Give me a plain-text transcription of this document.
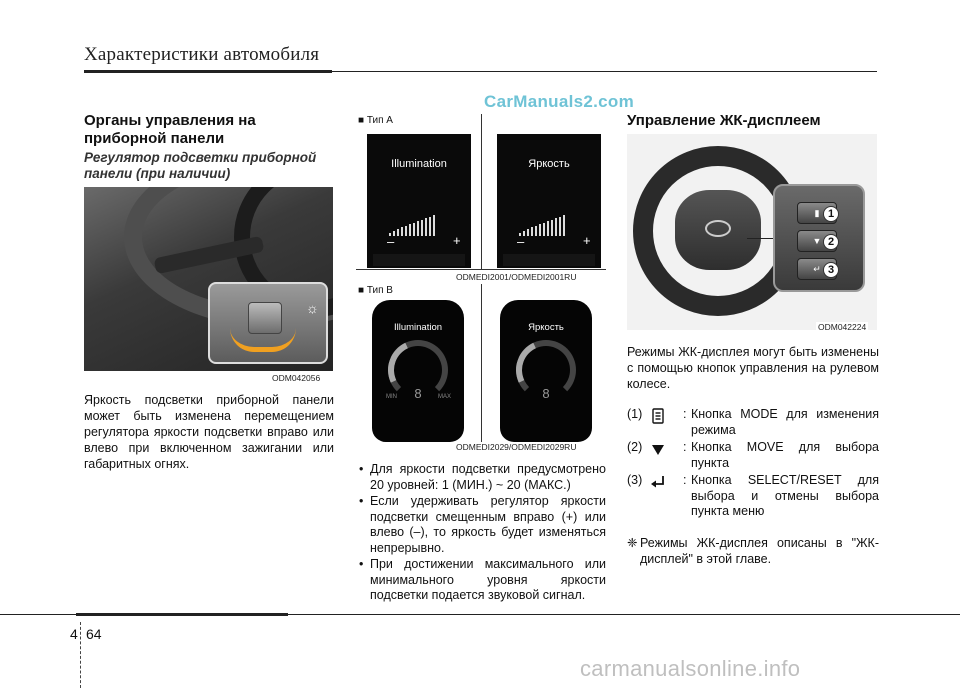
Характеристики автомобиля
CarManuals2.com
Органы управления на приборной панели
Регулятор подсветки приборной панели (при наличии)
☼
ODM042056
Яркость подсветки приборной панели может быть изменена перемещением регулятора яркости подсветки вправо или влево при включенном зажигании или габаритных огнях.
■ Тип A
Illumination
–	+
Яркость
–	+
ODMEDI2001/ODMEDI2001RU
■ Тип B
Illumination
8
MIN	MAX
Яркость
8
ODMEDI2029/ODMEDI2029RU
• Для яркости подсветки предусмотрено 20 уровней: 1 (МИН.) ~ 20 (МАКС.)
• Если удерживать регулятор яркости подсветки смещенным вправо (+) или влево (–), то яркость будет изменяться непрерывно.
• При достижении максимального или минимального уровня яркости подсветки подается звуковой сигнал.
Управление ЖК-дисплеем
▮ 1
▼ 2
↵ 3
ODM042224
Режимы ЖК-дисплея могут быть изменены с помощью кнопок управления на рулевом колесе.
(1)	: Кнопка MODE для изменения режима
(2)	: Кнопка MOVE для выбора пункта
(3)	: Кнопка SELECT/RESET для выбора и отмены выбора пункта меню
❈ Режимы ЖК-дисплея описаны в "ЖК-дисплей" в этой главе.
4 64
carmanualsonline.info
